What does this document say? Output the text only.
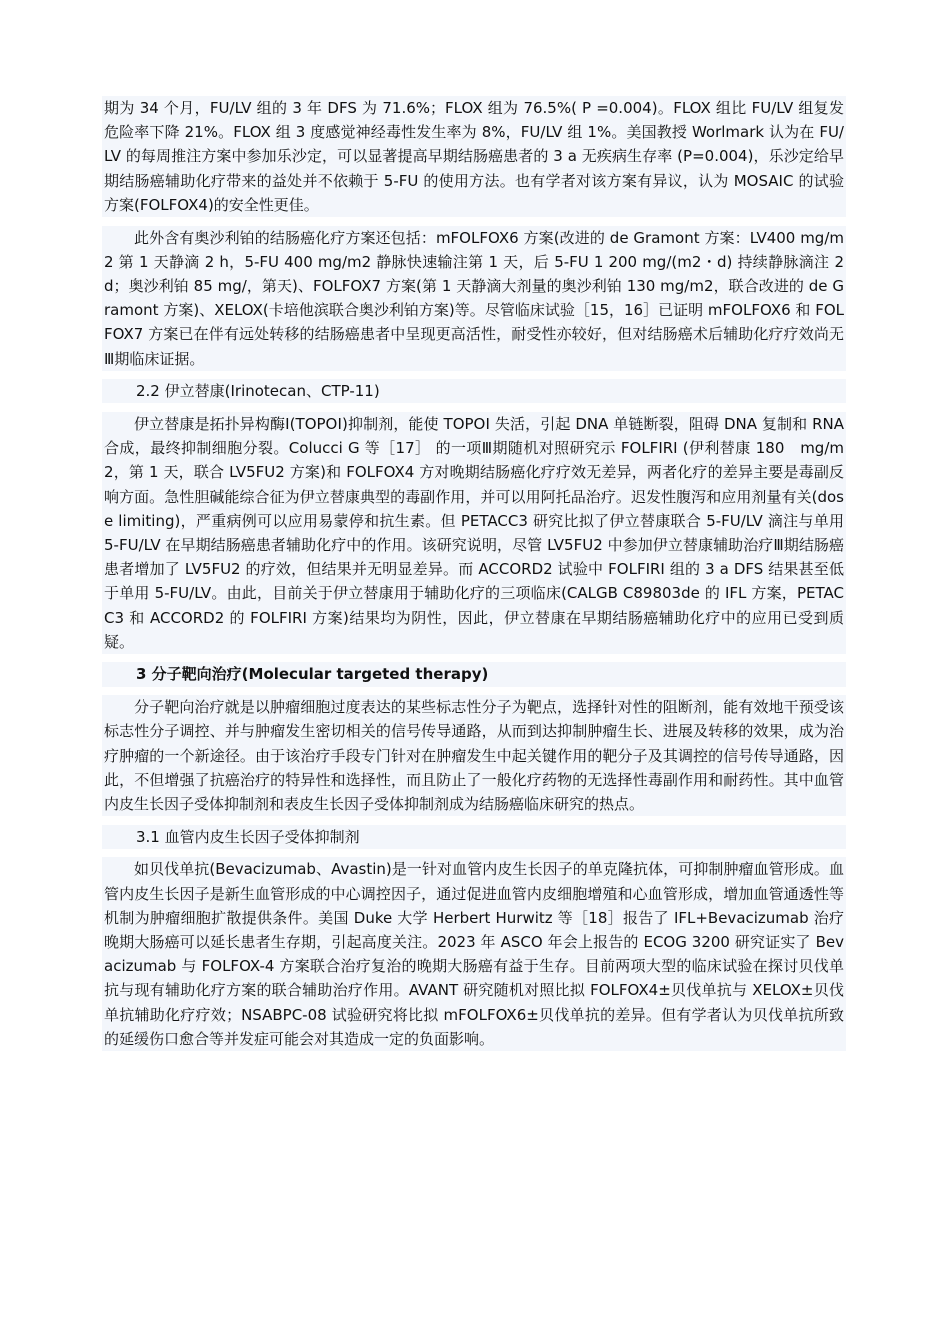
期为 34 个月，FU/LV 组的 3 年 DFS 为 71.6%；FLOX 组为 76.5%( P =0.004)。FLOX 组比 FU/LV 组复发危险率下降 21%。FLOX 组 3 度感觉神经毒性发生率为 8%，FU/LV 组 1%。美国教授 Worlmark 认为在 FU/LV 的每周推注方案中参加乐沙定，可以显著提高早期结肠癌患者的 3 a 无疾病生存率 (P=0.004)，乐沙定给早期结肠癌辅助化疗带来的益处并不依赖于 5-FU 的使用方法。也有学者对该方案有异议，认为 MOSAIC 的试验方案(FOLFOX4)的安全性更佳。

此外含有奥沙利铂的结肠癌化疗方案还包括：mFOLFOX6 方案(改进的 de Gramont 方案：LV400 mg/m2 第 1 天静滴 2 h，5-FU 400 mg/m2 静脉快速输注第 1 天，后 5-FU 1 200 mg/(m2・d) 持续静脉滴注 2 d；奥沙利铂 85 mg/，第天)、FOLFOX7 方案(第 1 天静滴大剂量的奥沙利铂 130 mg/m2，联合改进的 de Gramont 方案)、XELOX(卡培他滨联合奥沙利铂方案)等。尽管临床试验［15，16］已证明 mFOLFOX6 和 FOLFOX7 方案已在伴有远处转移的结肠癌患者中呈现更高活性，耐受性亦较好，但对结肠癌术后辅助化疗疗效尚无Ⅲ期临床证据。

2.2 伊立替康(Irinotecan、CTP-11)

伊立替康是拓扑异构酶Ⅰ(TOPOⅠ)抑制剂，能使 TOPOⅠ 失活，引起 DNA 单链断裂，阻碍 DNA 复制和 RNA 合成，最终抑制细胞分裂。Colucci G 等［17］ 的一项Ⅲ期随机对照研究示 FOLFIRI (伊利替康 180　mg/m2，第 1 天，联合 LV5FU2 方案)和 FOLFOX4 方对晚期结肠癌化疗疗效无差异，两者化疗的差异主要是毒副反响方面。急性胆碱能综合征为伊立替康典型的毒副作用，并可以用阿托品治疗。迟发性腹泻和应用剂量有关(dose limiting)，严重病例可以应用易蒙停和抗生素。但 PETACC3 研究比拟了伊立替康联合 5-FU/LV 滴注与单用 5-FU/LV 在早期结肠癌患者辅助化疗中的作用。该研究说明，尽管 LV5FU2 中参加伊立替康辅助治疗Ⅲ期结肠癌患者增加了 LV5FU2 的疗效，但结果并无明显差异。而 ACCORD2 试验中 FOLFIRI 组的 3 a DFS 结果甚至低于单用 5-FU/LV。由此，目前关于伊立替康用于辅助化疗的三项临床(CALGB C89803de 的 IFL 方案，PETACC3 和 ACCORD2 的 FOLFIRI 方案)结果均为阴性，因此，伊立替康在早期结肠癌辅助化疗中的应用已受到质疑。

3 分子靶向治疗(Molecular targeted therapy)

分子靶向治疗就是以肿瘤细胞过度表达的某些标志性分子为靶点，选择针对性的阻断剂，能有效地干预受该标志性分子调控、并与肿瘤发生密切相关的信号传导通路，从而到达抑制肿瘤生长、进展及转移的效果，成为治疗肿瘤的一个新途径。由于该治疗手段专门针对在肿瘤发生中起关键作用的靶分子及其调控的信号传导通路，因此，不但增强了抗癌治疗的特异性和选择性，而且防止了一般化疗药物的无选择性毒副作用和耐药性。其中血管内皮生长因子受体抑制剂和表皮生长因子受体抑制剂成为结肠癌临床研究的热点。

3.1 血管内皮生长因子受体抑制剂

如贝伐单抗(Bevacizumab、Avastin)是一针对血管内皮生长因子的单克隆抗体，可抑制肿瘤血管形成。血管内皮生长因子是新生血管形成的中心调控因子，通过促进血管内皮细胞增殖和心血管形成，增加血管通透性等机制为肿瘤细胞扩散提供条件。美国 Duke 大学 Herbert Hurwitz 等［18］报告了 IFL+Bevacizumab 治疗晚期大肠癌可以延长患者生存期，引起高度关注。2023 年 ASCO 年会上报告的 ECOG 3200 研究证实了 Bevacizumab 与 FOLFOX-4 方案联合治疗复治的晚期大肠癌有益于生存。目前两项大型的临床试验在探讨贝伐单抗与现有辅助化疗方案的联合辅助治疗作用。AVANT 研究随机对照比拟 FOLFOX4±贝伐单抗与 XELOX±贝伐单抗辅助化疗疗效；NSABPC-08 试验研究将比拟 mFOLFOX6±贝伐单抗的差异。但有学者认为贝伐单抗所致的延缓伤口愈合等并发症可能会对其造成一定的负面影响。
